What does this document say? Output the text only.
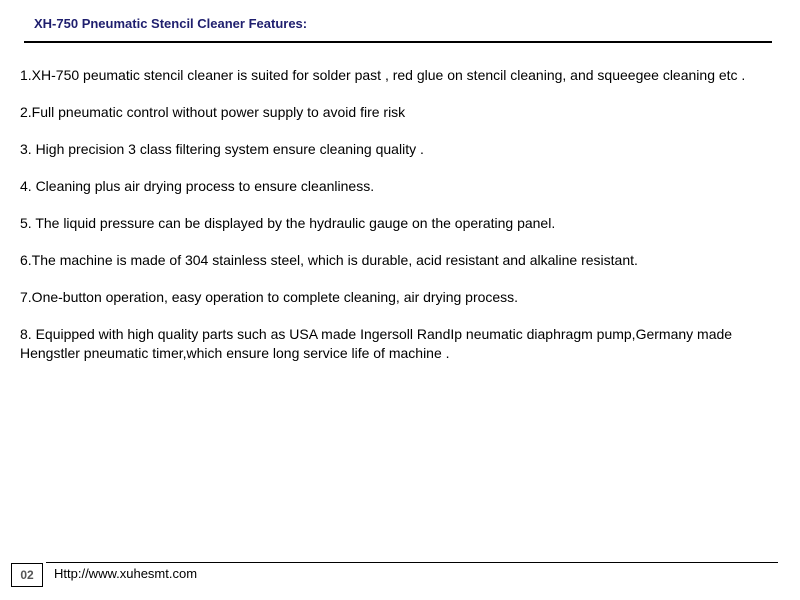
XH-750 Pneumatic Stencil Cleaner Features:
1.XH-750 peumatic stencil cleaner is suited for solder past , red glue on stencil cleaning, and squeegee cleaning etc .
2.Full pneumatic control without power supply to avoid fire risk
3. High precision 3 class filtering system ensure cleaning quality .
4. Cleaning plus air drying process to ensure cleanliness.
5. The liquid pressure can be displayed by the hydraulic gauge on the operating panel.
6.The machine is made of 304 stainless steel, which is durable, acid resistant and alkaline resistant.
7.One-button operation, easy operation to complete cleaning, air drying process.
8. Equipped with high quality parts such as USA made Ingersoll RandIp neumatic diaphragm pump,Germany made Hengstler pneumatic timer,which ensure long service life of machine .
02	Http://www.xuhesmt.com
